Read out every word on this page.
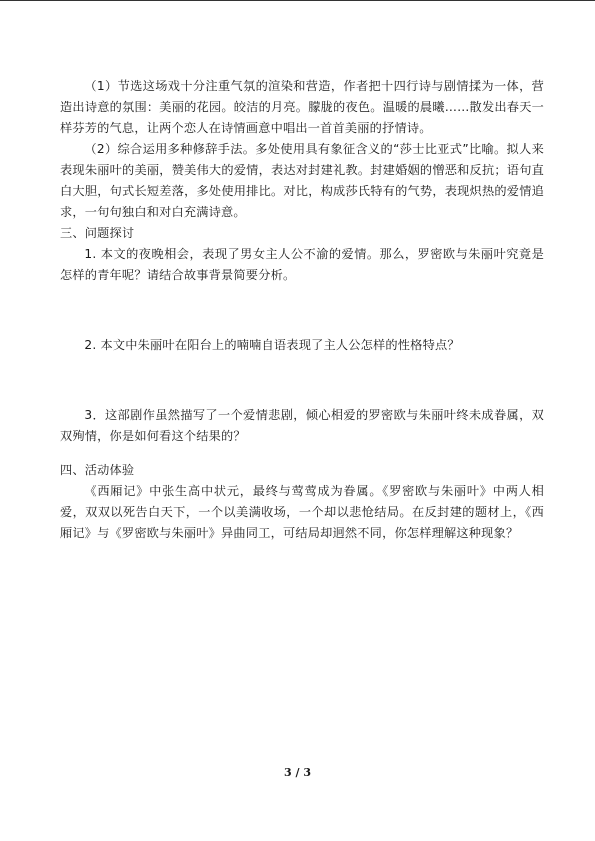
（1）节选这场戏十分注重气氛的渲染和营造，作者把十四行诗与剧情揉为一体，营造出诗意的氛围：美丽的花园。皎洁的月亮。朦胧的夜色。温暖的晨曦……散发出春天一样芬芳的气息，让两个恋人在诗情画意中唱出一首首美丽的抒情诗。

（2）综合运用多种修辞手法。多处使用具有象征含义的“莎士比亚式”比喻。拟人来表现朱丽叶的美丽，赞美伟大的爱情，表达对封建礼教。封建婚姻的憎恶和反抗；语句直白大胆，句式长短差落，多处使用排比。对比，构成莎氏特有的气势，表现炽热的爱情追求，一句句独白和对白充满诗意。

三、问题探讨

1. 本文的夜晚相会，表现了男女主人公不渝的爱情。那么，罗密欧与朱丽叶究竟是怎样的青年呢？请结合故事背景简要分析。

2. 本文中朱丽叶在阳台上的喃喃自语表现了主人公怎样的性格特点？

3．这部剧作虽然描写了一个爱情悲剧，倾心相爱的罗密欧与朱丽叶终未成眷属，双双殉情，你是如何看这个结果的？

四、活动体验

《西厢记》中张生高中状元，最终与莺莺成为眷属。《罗密欧与朱丽叶》中两人相爱，双双以死告白天下，一个以美满收场，一个却以悲怆结局。在反封建的题材上，《西厢记》与《罗密欧与朱丽叶》异曲同工，可结局却迥然不同，你怎样理解这种现象？

3 / 3
